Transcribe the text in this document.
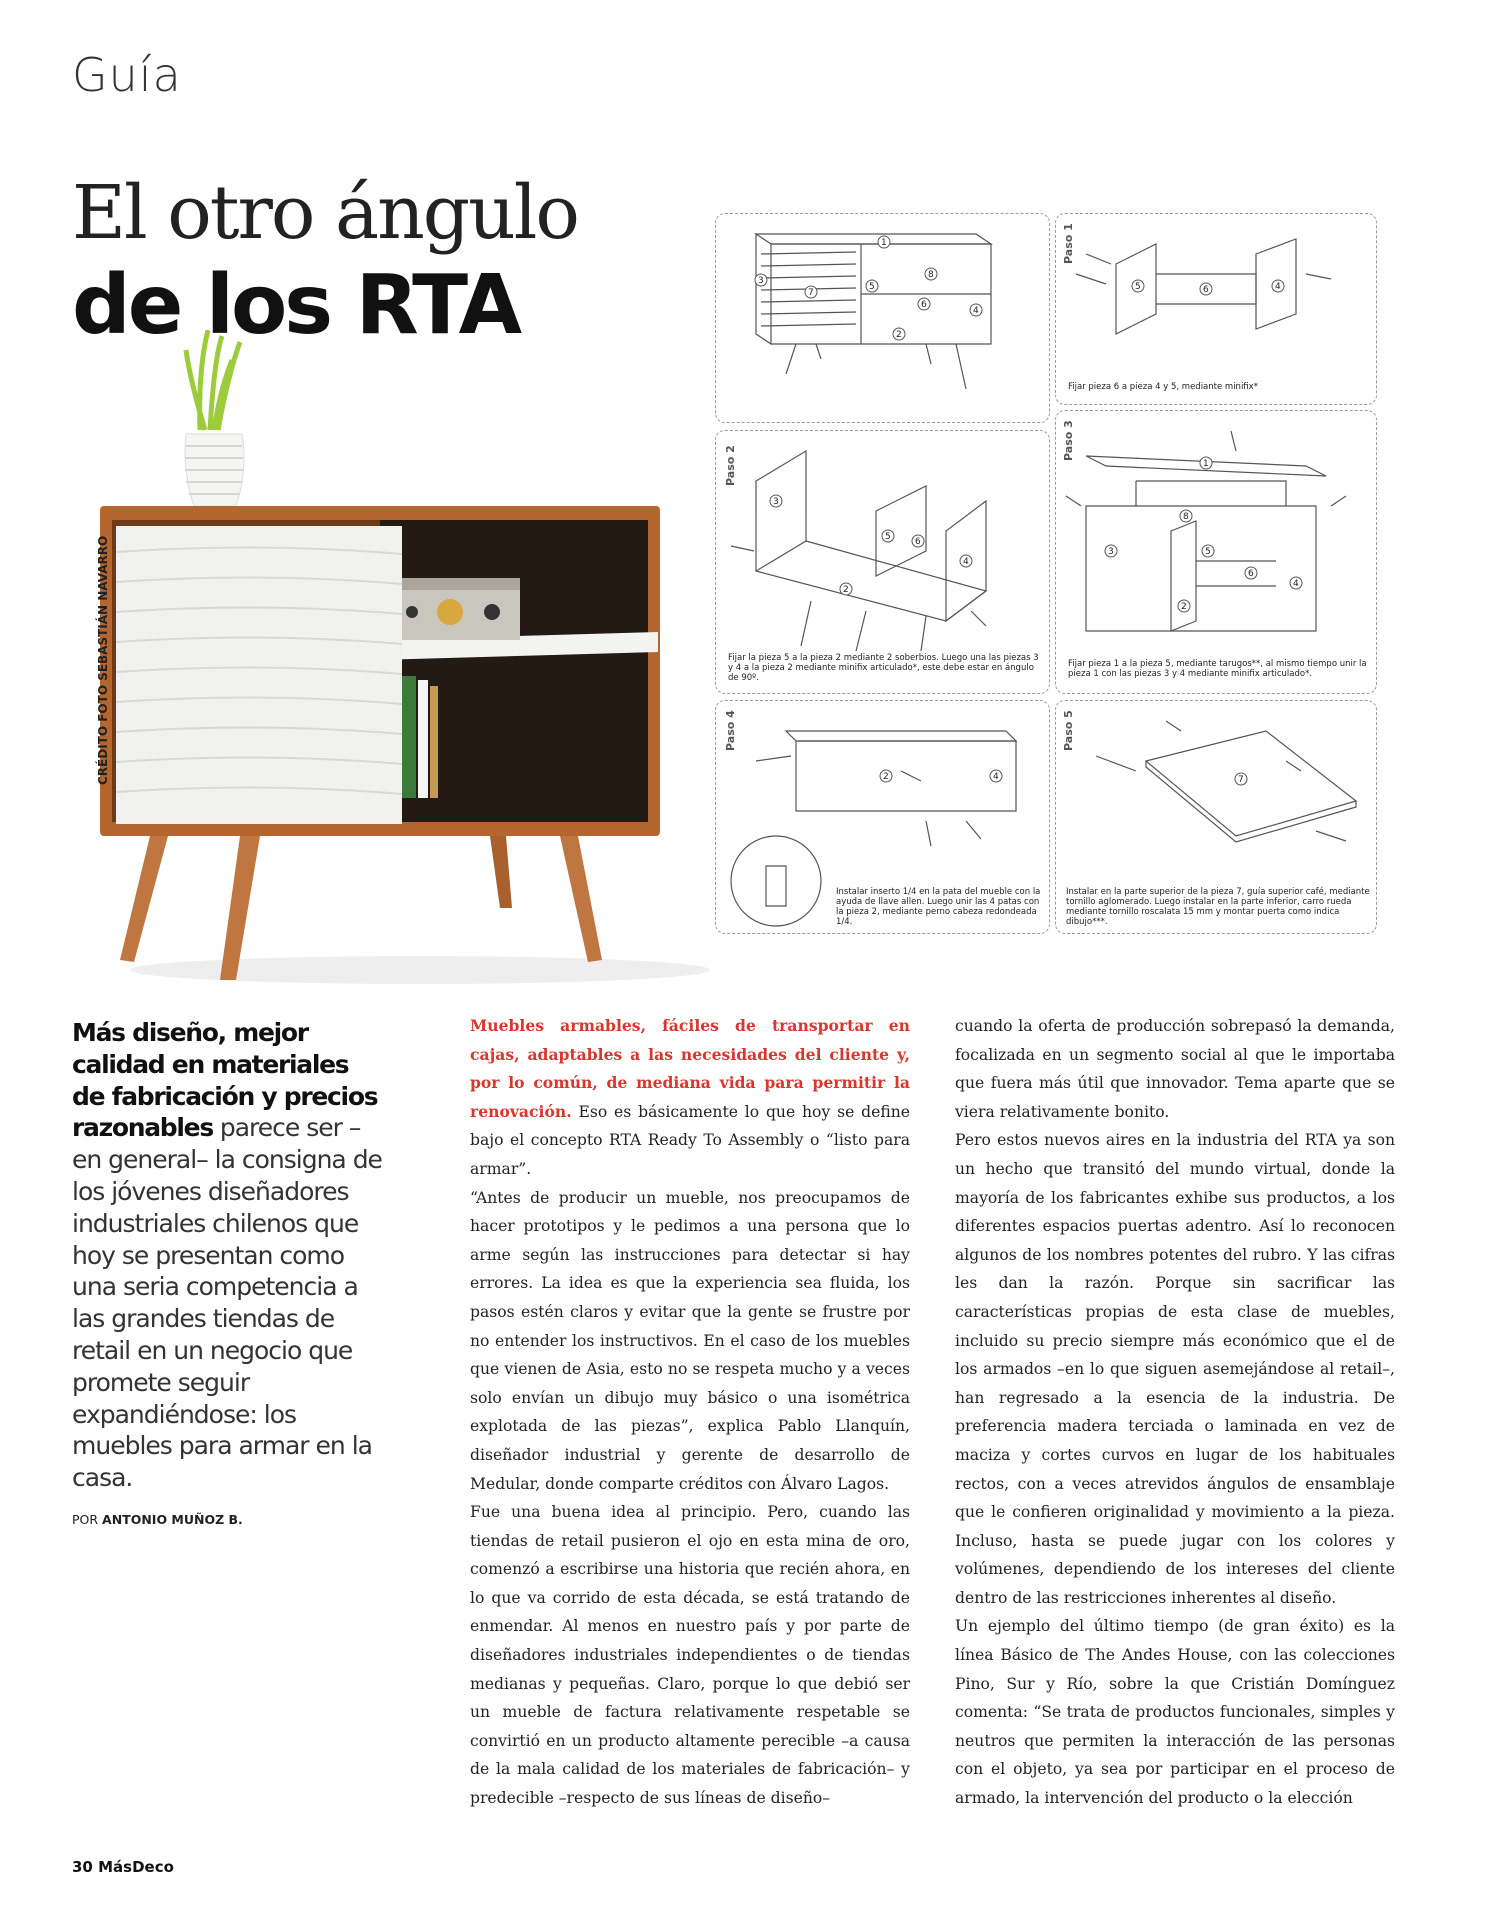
Guía
El otro ángulo
de los RTA
CRÉDITO FOTO SEBASTIÁN NAVARRO
1
3
7
5
8
6
4
2
5	6	4
Paso 1
Fijar pieza 6 a pieza 4 y 5, mediante minifix*
3
5	6
2
4
Paso 2
Fijar la pieza 5 a la pieza 2 mediante 2 soberbios. Luego una las piezas 3 y 4 a la pieza 2 mediante minifix articulado*, este debe estar en ángulo de 90º.
1
8
3	5
6
4
2
Paso 3
Fijar pieza 1 a la pieza 5, mediante tarugos**, al mismo tiempo unir la pieza 1 con las piezas 3 y 4 mediante minifix articulado*.
2	4
Paso 4
Instalar inserto 1/4 en la pata del mueble con la ayuda de llave allen. Luego unir las 4 patas con la pieza 2, mediante perno cabeza redondeada 1/4.
7
Paso 5
Instalar en la parte superior de la pieza 7, guía superior café, mediante tornillo aglomerado. Luego instalar en la parte inferior, carro rueda mediante tornillo roscalata 15 mm y montar puerta como indica dibujo***.
Más diseño, mejor calidad en materiales de fabricación y precios razonables parece ser –en general– la consigna de los jóvenes diseñadores industriales chilenos que hoy se presentan como una seria competencia a las grandes tiendas de retail en un negocio que promete seguir expandiéndose: los muebles para armar en la casa.
POR ANTONIO MUÑOZ B.

Muebles armables, fáciles de transportar en cajas, adaptables a las necesidades del cliente y, por lo común, de mediana vida para permitir la renovación. Eso es básicamente lo que hoy se define bajo el concepto RTA Ready To Assembly o “listo para armar”.

“Antes de producir un mueble, nos preocupamos de hacer prototipos y le pedimos a una persona que lo arme según las instrucciones para detectar si hay errores. La idea es que la experiencia sea fluida, los pasos estén claros y evitar que la gente se frustre por no entender los instructivos. En el caso de los muebles que vienen de Asia, esto no se respeta mucho y a veces solo envían un dibujo muy básico o una isométrica explotada de las piezas”, explica Pablo Llanquín, diseñador industrial y gerente de desarrollo de Medular, donde comparte créditos con Álvaro Lagos.

Fue una buena idea al principio. Pero, cuando las tiendas de retail pusieron el ojo en esta mina de oro, comenzó a escribirse una historia que recién ahora, en lo que va corrido de esta década, se está tratando de enmendar. Al menos en nuestro país y por parte de diseñadores industriales independientes o de tiendas medianas y pequeñas. Claro, porque lo que debió ser un mueble de factura relativamente respetable se convirtió en un producto altamente perecible –a causa de la mala calidad de los materiales de fabricación– y predecible –respecto de sus líneas de diseño–

cuando la oferta de producción sobrepasó la demanda, focalizada en un segmento social al que le importaba que fuera más útil que innovador. Tema aparte que se viera relativamente bonito.

Pero estos nuevos aires en la industria del RTA ya son un hecho que transitó del mundo virtual, donde la mayoría de los fabricantes exhibe sus productos, a los diferentes espacios puertas adentro. Así lo reconocen algunos de los nombres potentes del rubro. Y las cifras les dan la razón. Porque sin sacrificar las características propias de esta clase de muebles, incluido su precio siempre más económico que el de los armados –en lo que siguen asemejándose al retail–, han regresado a la esencia de la industria. De preferencia madera terciada o laminada en vez de maciza y cortes curvos en lugar de los habituales rectos, con a veces atrevidos ángulos de ensamblaje que le confieren originalidad y movimiento a la pieza. Incluso, hasta se puede jugar con los colores y volúmenes, dependiendo de los intereses del cliente dentro de las restricciones inherentes al diseño.

Un ejemplo del último tiempo (de gran éxito) es la línea Básico de The Andes House, con las colecciones Pino, Sur y Río, sobre la que Cristián Domínguez comenta: “Se trata de productos funcionales, simples y neutros que permiten la interacción de las personas con el objeto, ya sea por participar en el proceso de armado, la intervención del producto o la elección

30 MásDeco
